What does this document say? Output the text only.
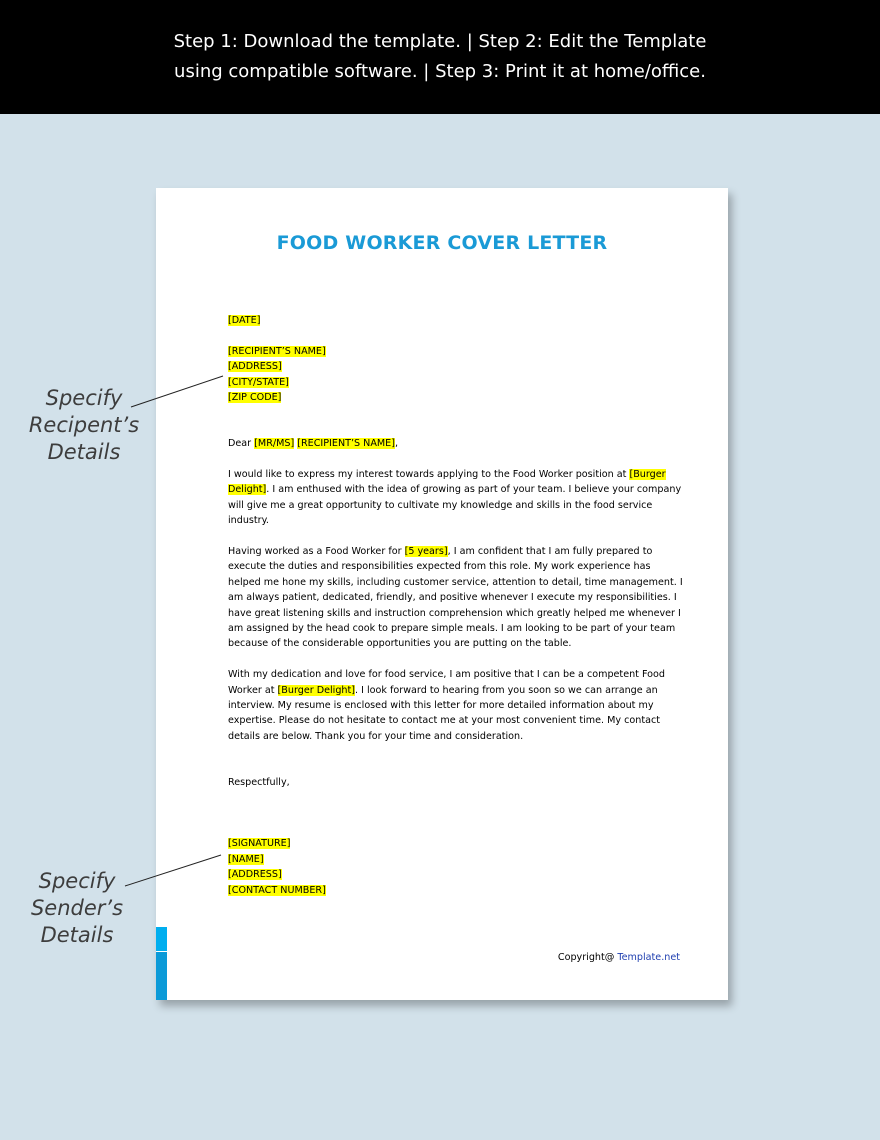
Step 1: Download the template. | Step 2: Edit the Template
using compatible software. | Step 3: Print it at home/office.
FOOD WORKER COVER LETTER
[DATE]
[RECIPIENT’S NAME]
[ADDRESS]
[CITY/STATE]
[ZIP CODE]
Dear [MR/MS] [RECIPIENT’S NAME],
I would like to express my interest towards applying to the Food Worker position at [Burger Delight]. I am enthused with the idea of growing as part of your team. I believe your company will give me a great opportunity to cultivate my knowledge and skills in the food service industry.
Having worked as a Food Worker for [5 years], I am confident that I am fully prepared to execute the duties and responsibilities expected from this role. My work experience has helped me hone my skills, including customer service, attention to detail, time management. I am always patient, dedicated, friendly, and positive whenever I execute my responsibilities. I have great listening skills and instruction comprehension which greatly helped me whenever I am assigned by the head cook to prepare simple meals. I am looking to be part of your team because of the considerable opportunities you are putting on the table.
With my dedication and love for food service, I am positive that I can be a competent Food Worker at [Burger Delight]. I look forward to hearing from you soon so we can arrange an interview. My resume is enclosed with this letter for more detailed information about my expertise. Please do not hesitate to contact me at your most convenient time. My contact details are below. Thank you for your time and consideration.
Respectfully,
[SIGNATURE]
[NAME]
[ADDRESS]
[CONTACT NUMBER]
Copyright@ Template.net
Specify
Recipent’s
Details
Specify
Sender’s
Details
